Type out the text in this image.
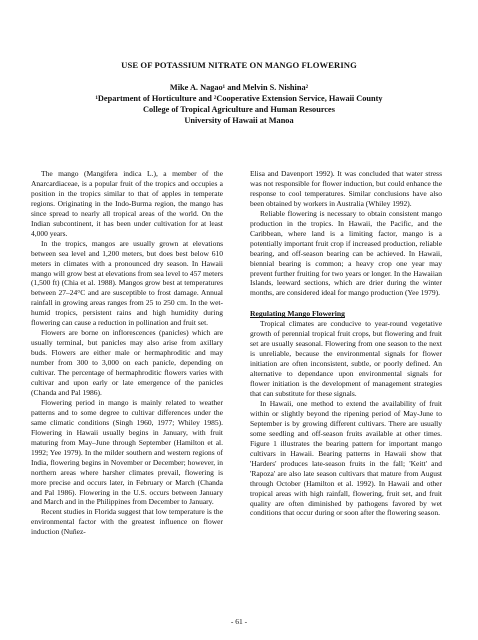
USE OF POTASSIUM NITRATE ON MANGO FLOWERING
Mike A. Nagao¹ and Melvin S. Nishina²
¹Department of Horticulture and ²Cooperative Extension Service, Hawaii County
College of Tropical Agriculture and Human Resources
University of Hawaii at Manoa

The mango (Mangifera indica L.), a member of the Anarcardiaceae, is a popular fruit of the tropics and occupies a position in the tropics similar to that of apples in temperate regions. Originating in the Indo-Burma region, the mango has since spread to nearly all tropical areas of the world. On the Indian subcontinent, it has been under cultivation for at least 4,000 years.

In the tropics, mangos are usually grown at elevations between sea level and 1,200 meters, but does best below 610 meters in climates with a pronounced dry season. In Hawaii mango will grow best at elevations from sea level to 457 meters (1,500 ft) (Chia et al. 1988). Mangos grow best at temperatures between 27–24°C and are susceptible to frost damage. Annual rainfall in growing areas ranges from 25 to 250 cm. In the wet-humid tropics, persistent rains and high humidity during flowering can cause a reduction in pollination and fruit set.

Flowers are borne on inflorescences (panicles) which are usually terminal, but panicles may also arise from axillary buds. Flowers are either male or hermaphroditic and may number from 300 to 3,000 on each panicle, depending on cultivar. The percentage of hermaphroditic flowers varies with cultivar and upon early or late emergence of the panicles (Chanda and Pal 1986).

Flowering period in mango is mainly related to weather patterns and to some degree to cultivar differences under the same climatic conditions (Singh 1960, 1977; Whiley 1985). Flowering in Hawaii usually begins in January, with fruit maturing from May–June through September (Hamilton et al. 1992; Yee 1979). In the milder southern and western regions of India, flowering begins in November or December; however, in northern areas where harsher climates prevail, flowering is more precise and occurs later, in February or March (Chanda and Pal 1986). Flowering in the U.S. occurs between January and March and in the Philippines from December to January.

Recent studies in Florida suggest that low temperature is the environmental factor with the greatest influence on flower induction (Nuñez-

Elisa and Davenport 1992). It was concluded that water stress was not responsible for flower induction, but could enhance the response to cool temperatures. Similar conclusions have also been obtained by workers in Australia (Whiley 1992).

Reliable flowering is necessary to obtain consistent mango production in the tropics. In Hawaii, the Pacific, and the Caribbean, where land is a limiting factor, mango is a potentially important fruit crop if increased production, reliable bearing, and off-season bearing can be achieved. In Hawaii, biennial bearing is common; a heavy crop one year may prevent further fruiting for two years or longer. In the Hawaiian Islands, leeward sections, which are drier during the winter months, are considered ideal for mango production (Yee 1979).

Regulating Mango Flowering

Tropical climates are conducive to year-round vegetative growth of perennial tropical fruit crops, but flowering and fruit set are usually seasonal. Flowering from one season to the next is unreliable, because the environmental signals for flower initiation are often inconsistent, subtle, or poorly defined. An alternative to dependance upon environmental signals for flower initiation is the development of management strategies that can substitute for these signals.

In Hawaii, one method to extend the availability of fruit within or slightly beyond the ripening period of May-June to September is by growing different cultivars. There are usually some seedling and off-season fruits available at other times. Figure 1 illustrates the bearing pattern for important mango cultivars in Hawaii. Bearing patterns in Hawaii show that 'Harders' produces late-season fruits in the fall; 'Keitt' and 'Rapoza' are also late season cultivars that mature from August through October (Hamilton et al. 1992). In Hawaii and other tropical areas with high rainfall, flowering, fruit set, and fruit quality are often diminished by pathogens favored by wet conditions that occur during or soon after the flowering season.

- 61 -
